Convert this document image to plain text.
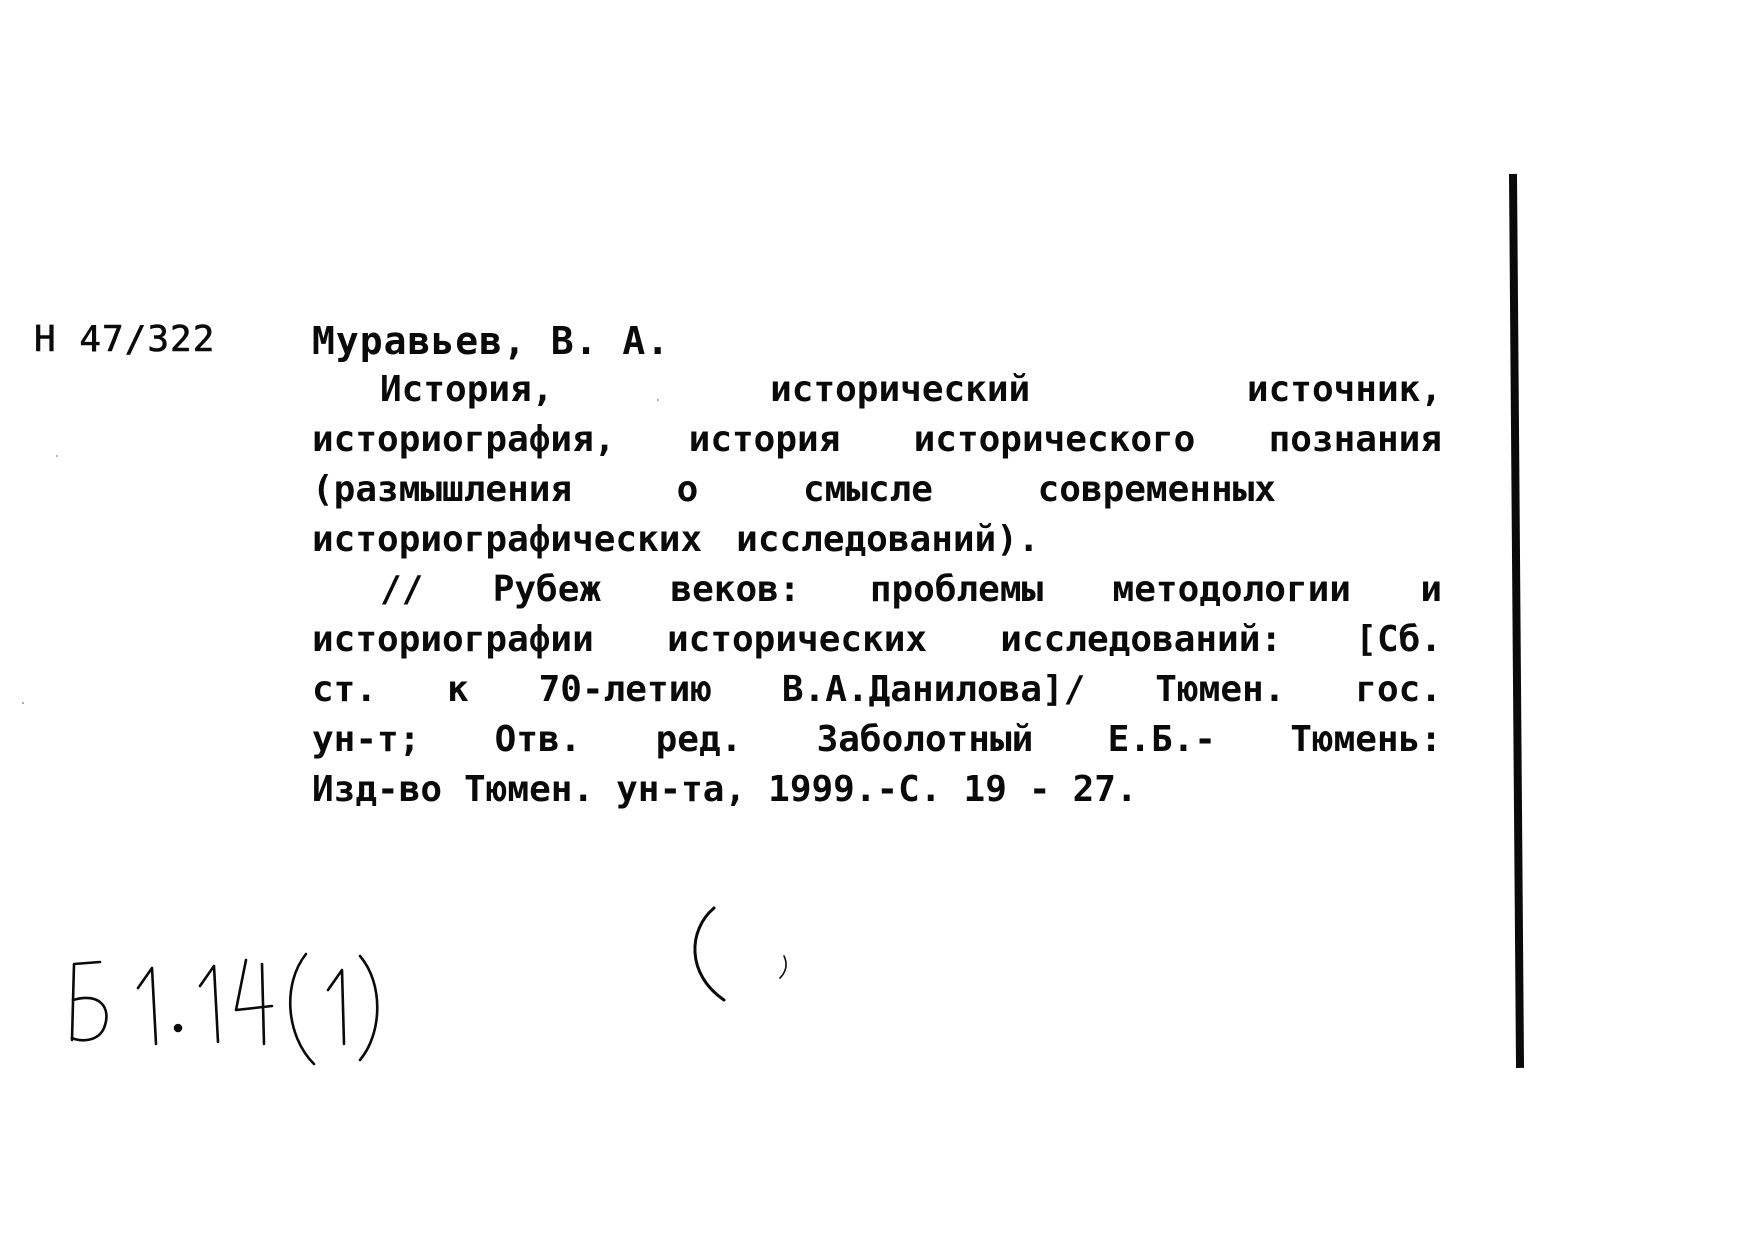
Н 47/322	Муравьев, В. А.
История,	исторический	источник,
историография, история исторического познания
(размышления	о	смысле	современных
историографических исследований).
// Рубеж веков: проблемы методологии и
историографии исторических исследований: [Сб.
ст. к 70-летию В.А.Данилова]/ Тюмен. гос.
ун-т; Отв. ред. Заболотный Е.Б.- Тюмень:
Изд-во Тюмен. ун-та, 1999.-С. 19 - 27.
